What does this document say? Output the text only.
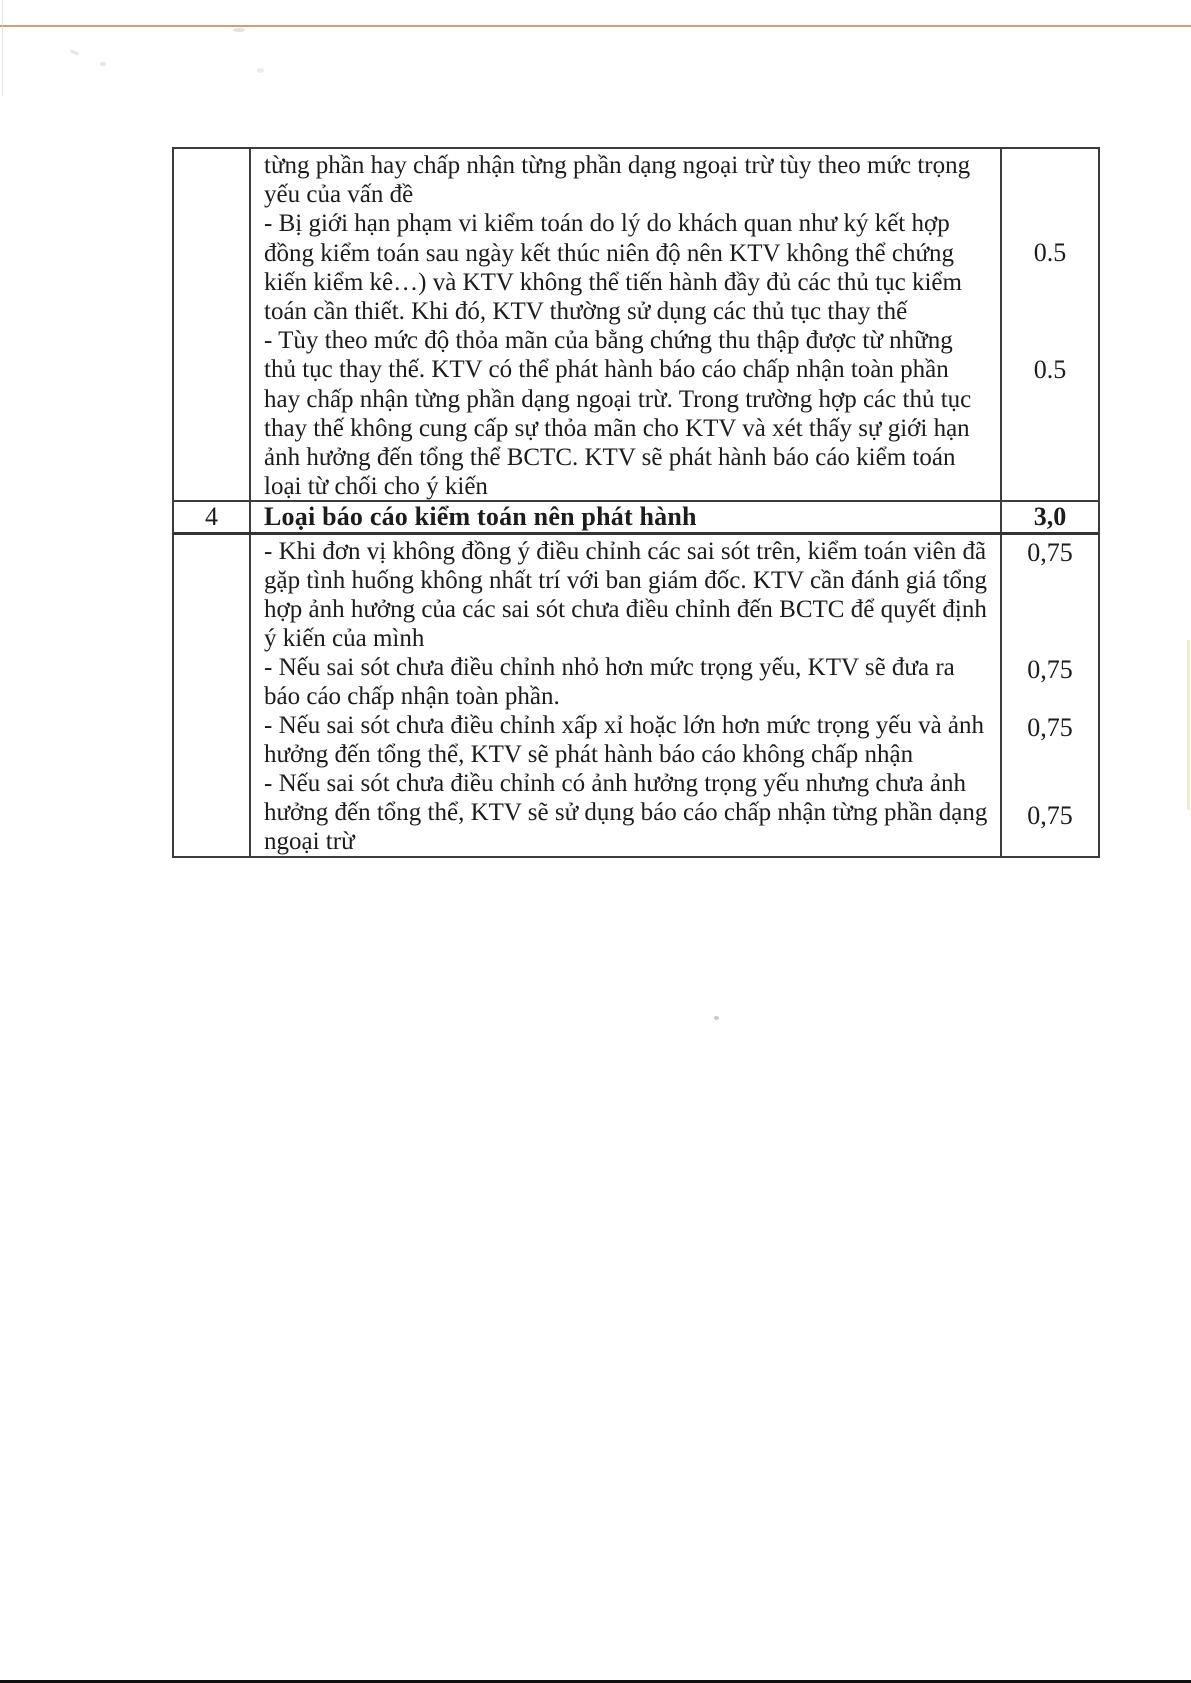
từng phần hay chấp nhận từng phần dạng ngoại trừ tùy theo mức trọng yếu của vấn đề

- Bị giới hạn phạm vi kiểm toán do lý do khách quan như ký kết hợp đồng kiểm toán sau ngày kết thúc niên độ nên KTV không thể chứng kiến kiểm kê…) và KTV không thể tiến hành đầy đủ các thủ tục kiểm toán cần thiết. Khi đó, KTV thường sử dụng các thủ tục thay thế

- Tùy theo mức độ thỏa mãn của bằng chứng thu thập được từ những thủ tục thay thế. KTV có thể phát hành báo cáo chấp nhận toàn phần hay chấp nhận từng phần dạng ngoại trừ. Trong trường hợp các thủ tục thay thế không cung cấp sự thỏa mãn cho KTV và xét thấy sự giới hạn ảnh hưởng đến tổng thể BCTC. KTV sẽ phát hành báo cáo kiểm toán loại từ chối cho ý kiến

0.5
0.5
4	Loại báo cáo kiểm toán nên phát hành	3,0

- Khi đơn vị không đồng ý điều chỉnh các sai sót trên, kiểm toán viên đã gặp tình huống không nhất trí với ban giám đốc. KTV cần đánh giá tổng hợp ảnh hưởng của các sai sót chưa điều chỉnh đến BCTC để quyết định ý kiến của mình

- Nếu sai sót chưa điều chỉnh nhỏ hơn mức trọng yếu, KTV sẽ đưa ra báo cáo chấp nhận toàn phần.

- Nếu sai sót chưa điều chỉnh xấp xỉ hoặc lớn hơn mức trọng yếu và ảnh hưởng đến tổng thể, KTV sẽ phát hành báo cáo không chấp nhận

- Nếu sai sót chưa điều chỉnh có ảnh hưởng trọng yếu nhưng chưa ảnh hưởng đến tổng thể, KTV sẽ sử dụng báo cáo chấp nhận từng phần dạng ngoại trừ

0,75
0,75
0,75
0,75
